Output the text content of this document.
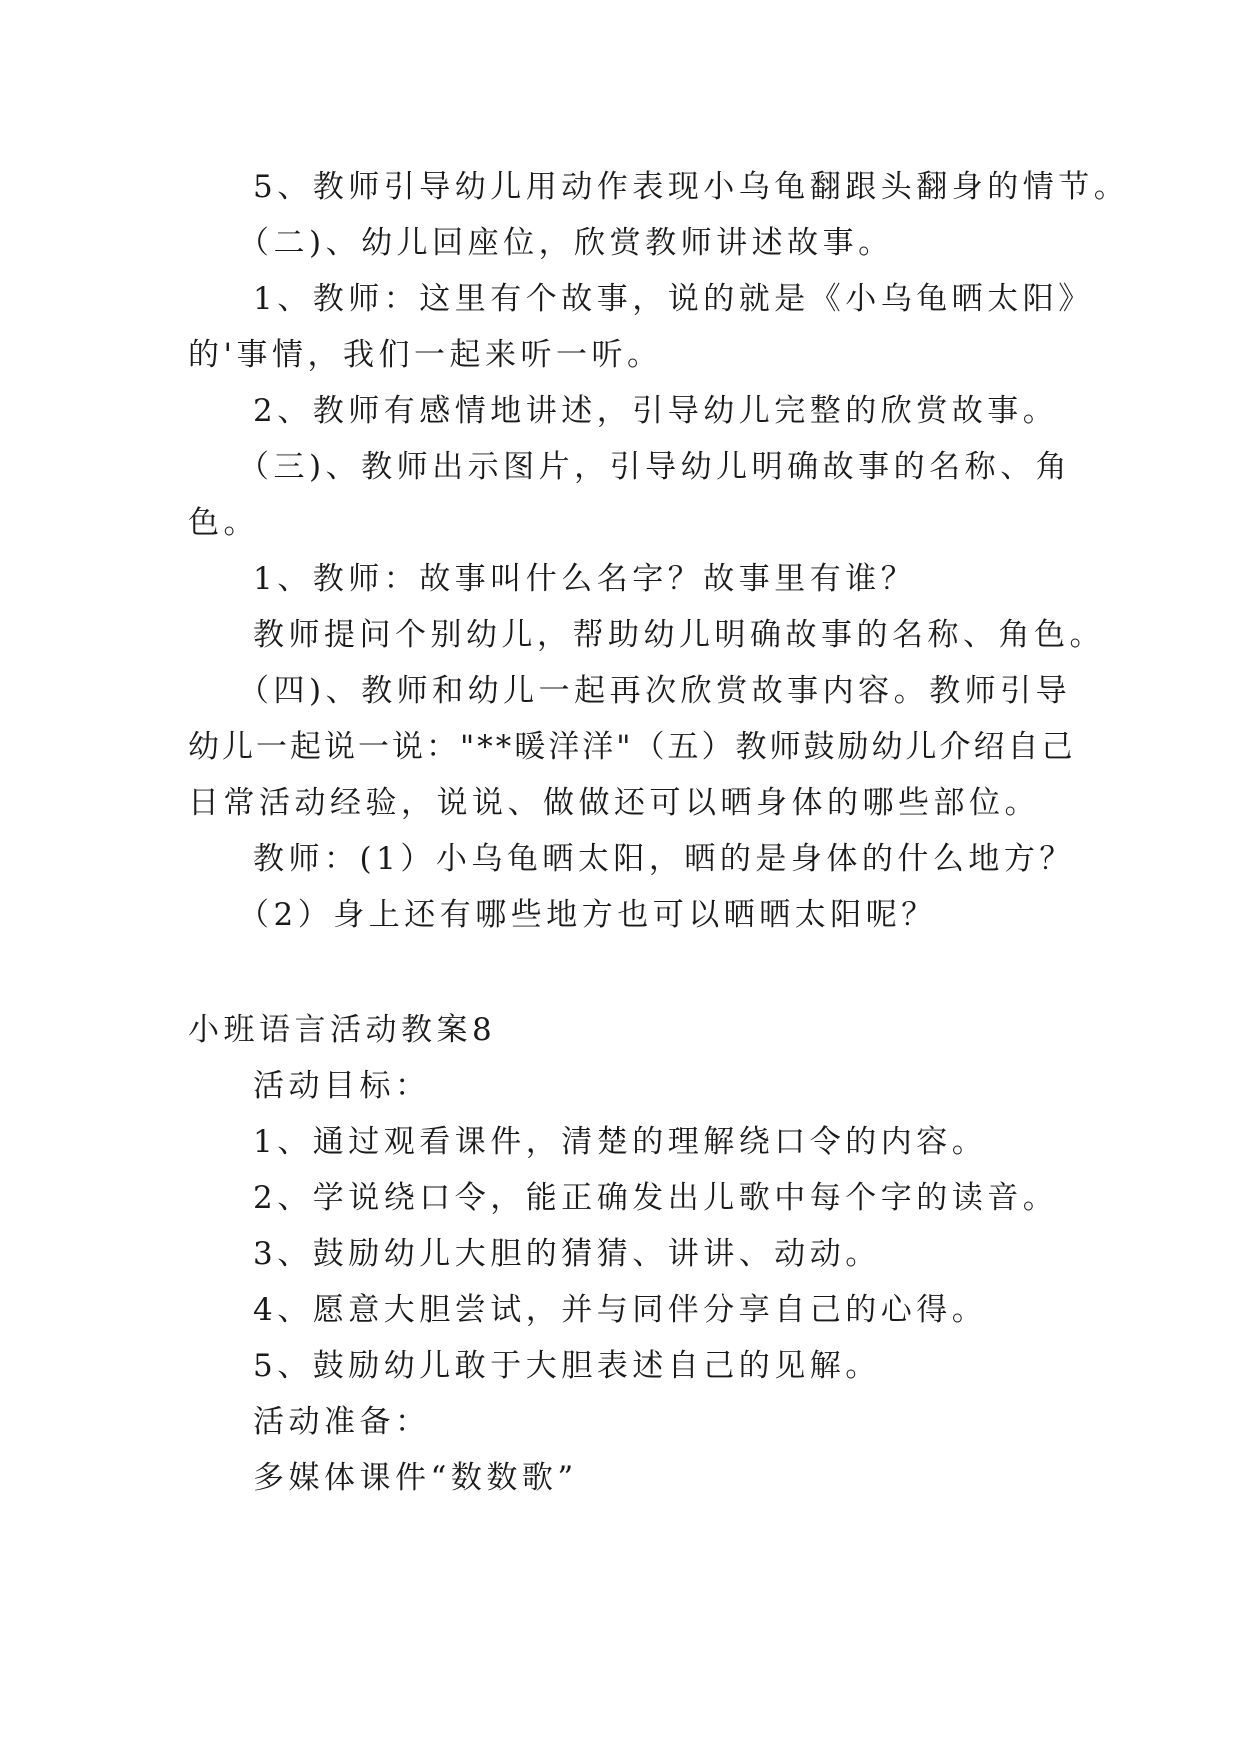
5、教师引导幼儿用动作表现小乌龟翻跟头翻身的情节。
（二)、幼儿回座位，欣赏教师讲述故事。
1、教师：这里有个故事，说的就是《小乌龟晒太阳》
的'事情，我们一起来听一听。
2、教师有感情地讲述，引导幼儿完整的欣赏故事。
（三)、教师出示图片，引导幼儿明确故事的名称、角
色。
1、教师：故事叫什么名字？故事里有谁？
教师提问个别幼儿，帮助幼儿明确故事的名称、角色。
（四)、教师和幼儿一起再次欣赏故事内容。教师引导
幼儿一起说一说："**暖洋洋"（五）教师鼓励幼儿介绍自己
日常活动经验，说说、做做还可以晒身体的哪些部位。
教师：(1）小乌龟晒太阳，晒的是身体的什么地方？
（2）身上还有哪些地方也可以晒晒太阳呢？
小班语言活动教案8
活动目标：
1、通过观看课件，清楚的理解绕口令的内容。
2、学说绕口令，能正确发出儿歌中每个字的读音。
3、鼓励幼儿大胆的猜猜、讲讲、动动。
4、愿意大胆尝试，并与同伴分享自己的心得。
5、鼓励幼儿敢于大胆表述自己的见解。
活动准备：
多媒体课件“数数歌”
